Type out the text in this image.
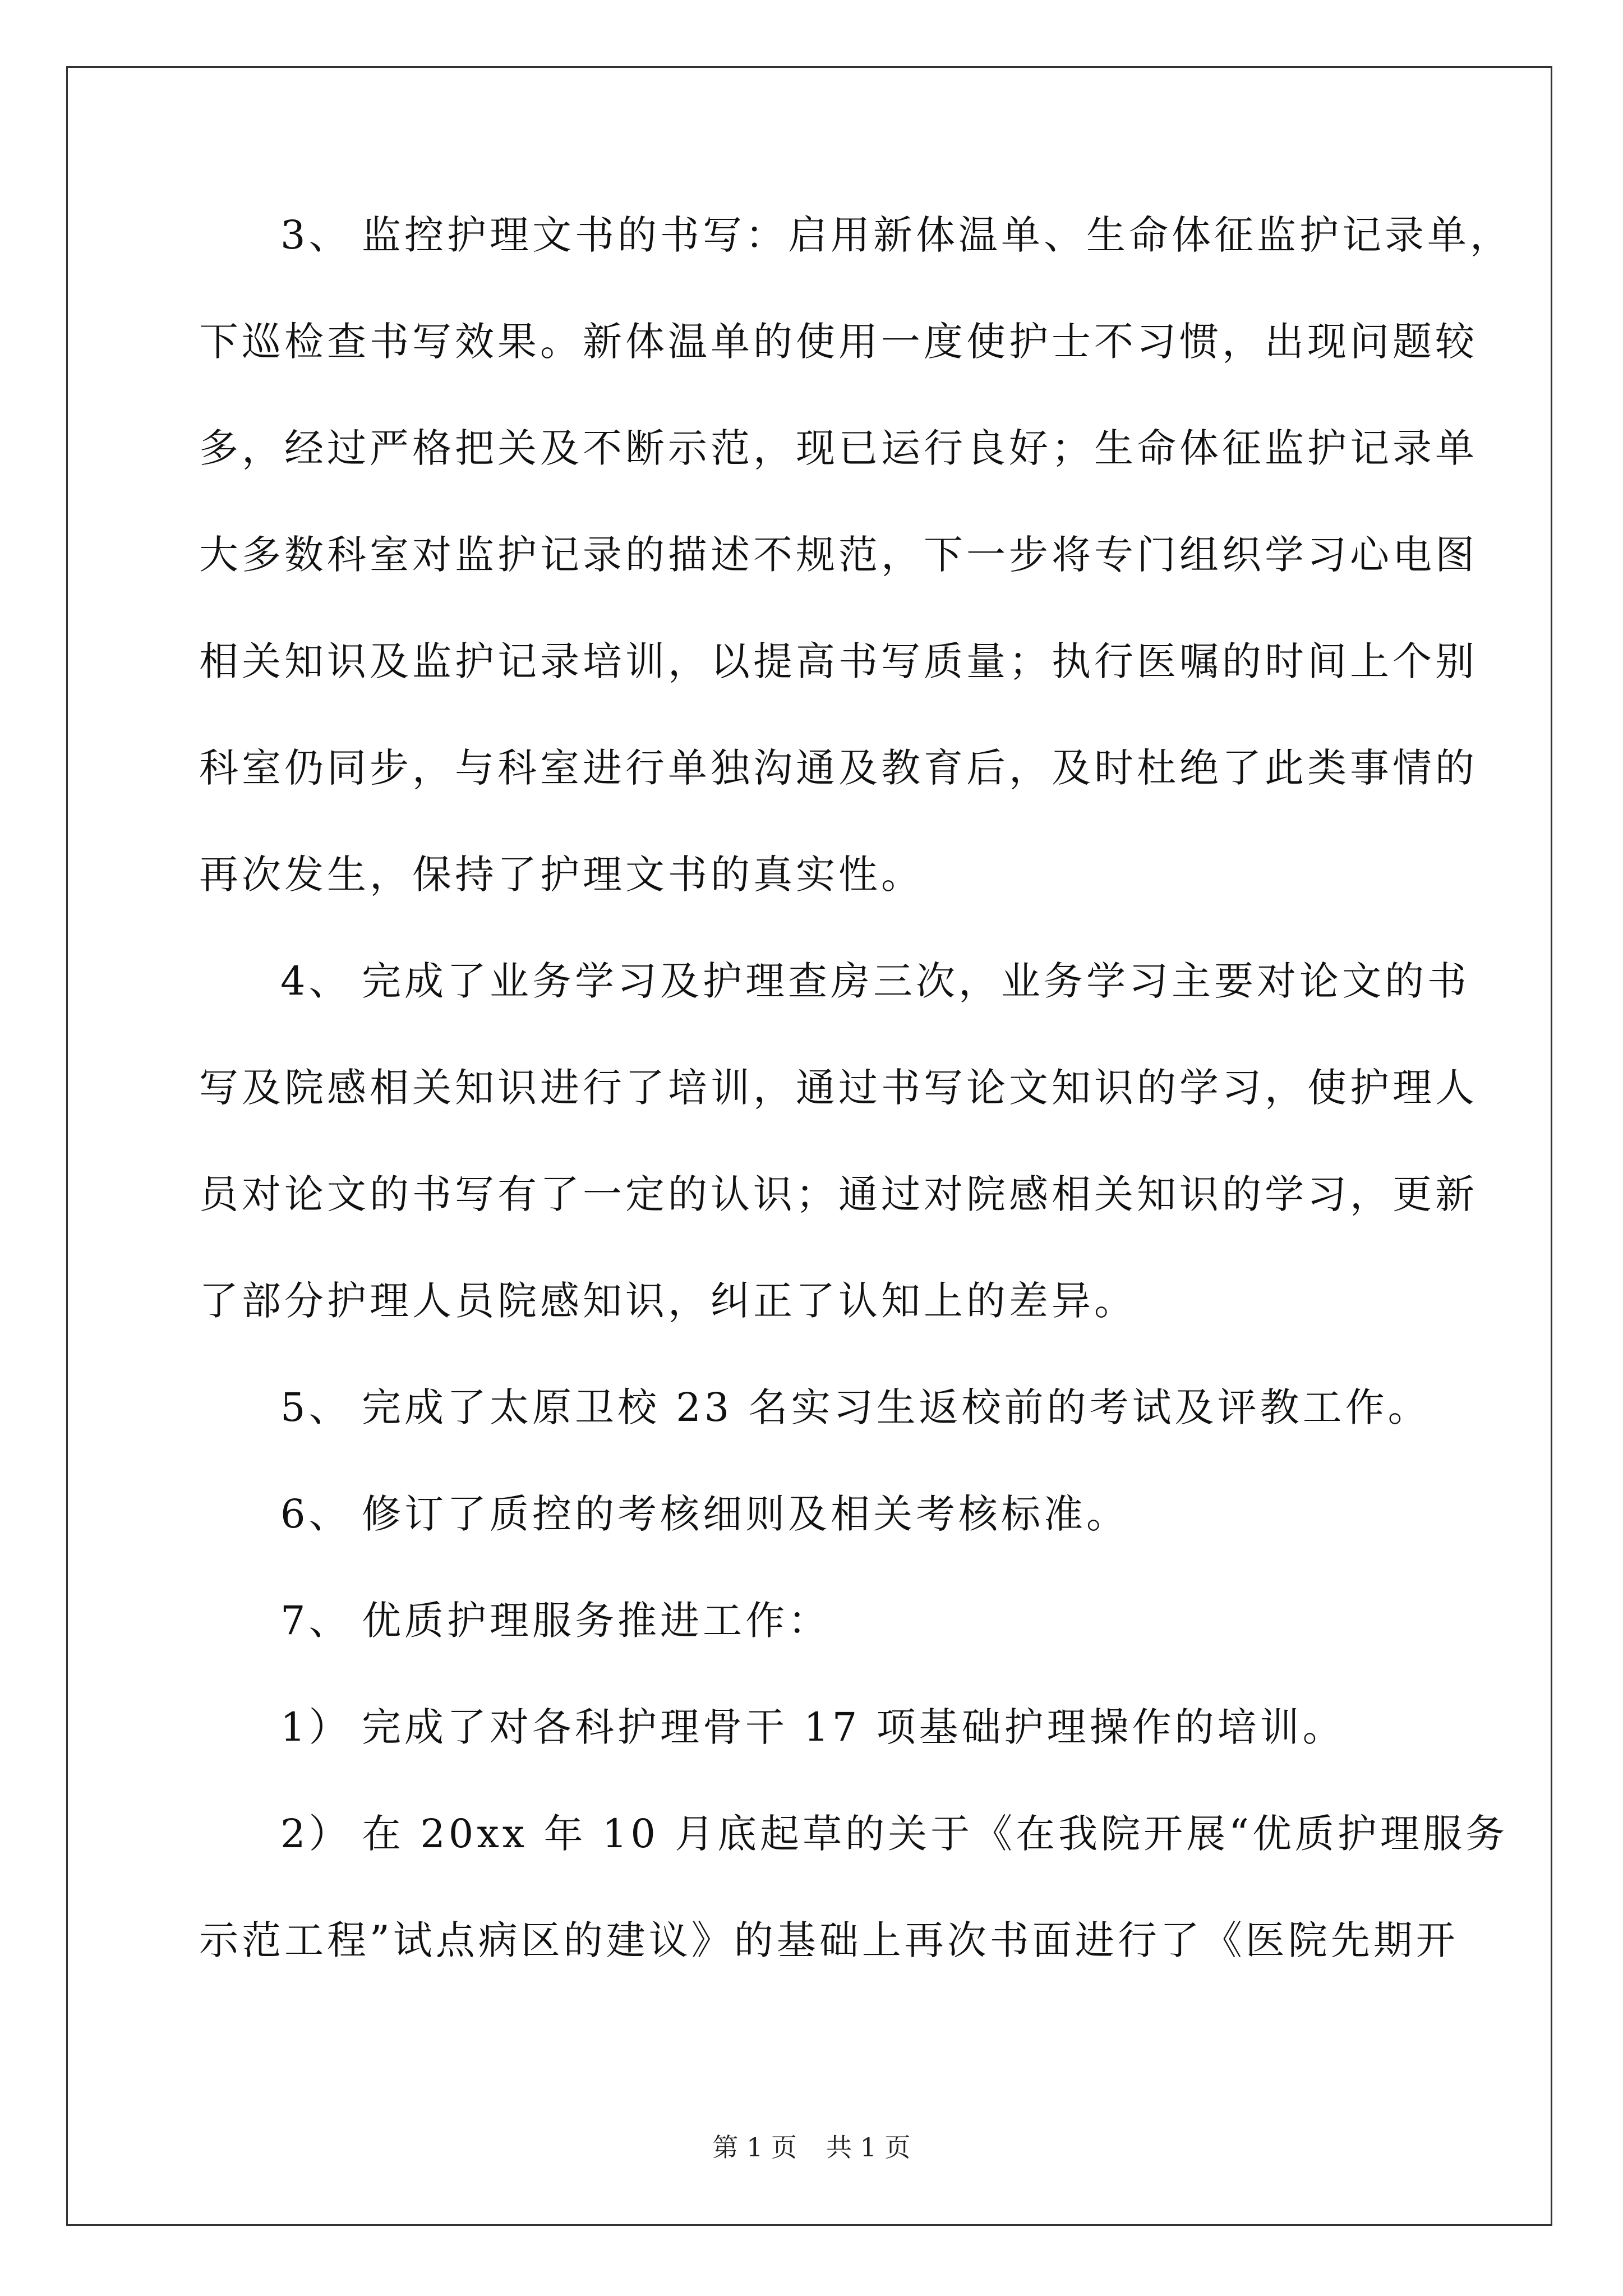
3、 监控护理文书的书写：启用新体温单、生命体征监护记录单，
下巡检查书写效果。新体温单的使用一度使护士不习惯，出现问题较
多，经过严格把关及不断示范，现已运行良好；生命体征监护记录单
大多数科室对监护记录的描述不规范，下一步将专门组织学习心电图
相关知识及监护记录培训，以提高书写质量；执行医嘱的时间上个别
科室仍同步，与科室进行单独沟通及教育后，及时杜绝了此类事情的
再次发生，保持了护理文书的真实性。
4、 完成了业务学习及护理查房三次，业务学习主要对论文的书
写及院感相关知识进行了培训，通过书写论文知识的学习，使护理人
员对论文的书写有了一定的认识；通过对院感相关知识的学习，更新
了部分护理人员院感知识，纠正了认知上的差异。
5、 完成了太原卫校 23 名实习生返校前的考试及评教工作。
6、 修订了质控的考核细则及相关考核标准。
7、 优质护理服务推进工作：
1） 完成了对各科护理骨干 17 项基础护理操作的培训。
2） 在 20xx 年 10 月底起草的关于《在我院开展“优质护理服务
示范工程”试点病区的建议》的基础上再次书面进行了《医院先期开
第 1 页 共 1 页
